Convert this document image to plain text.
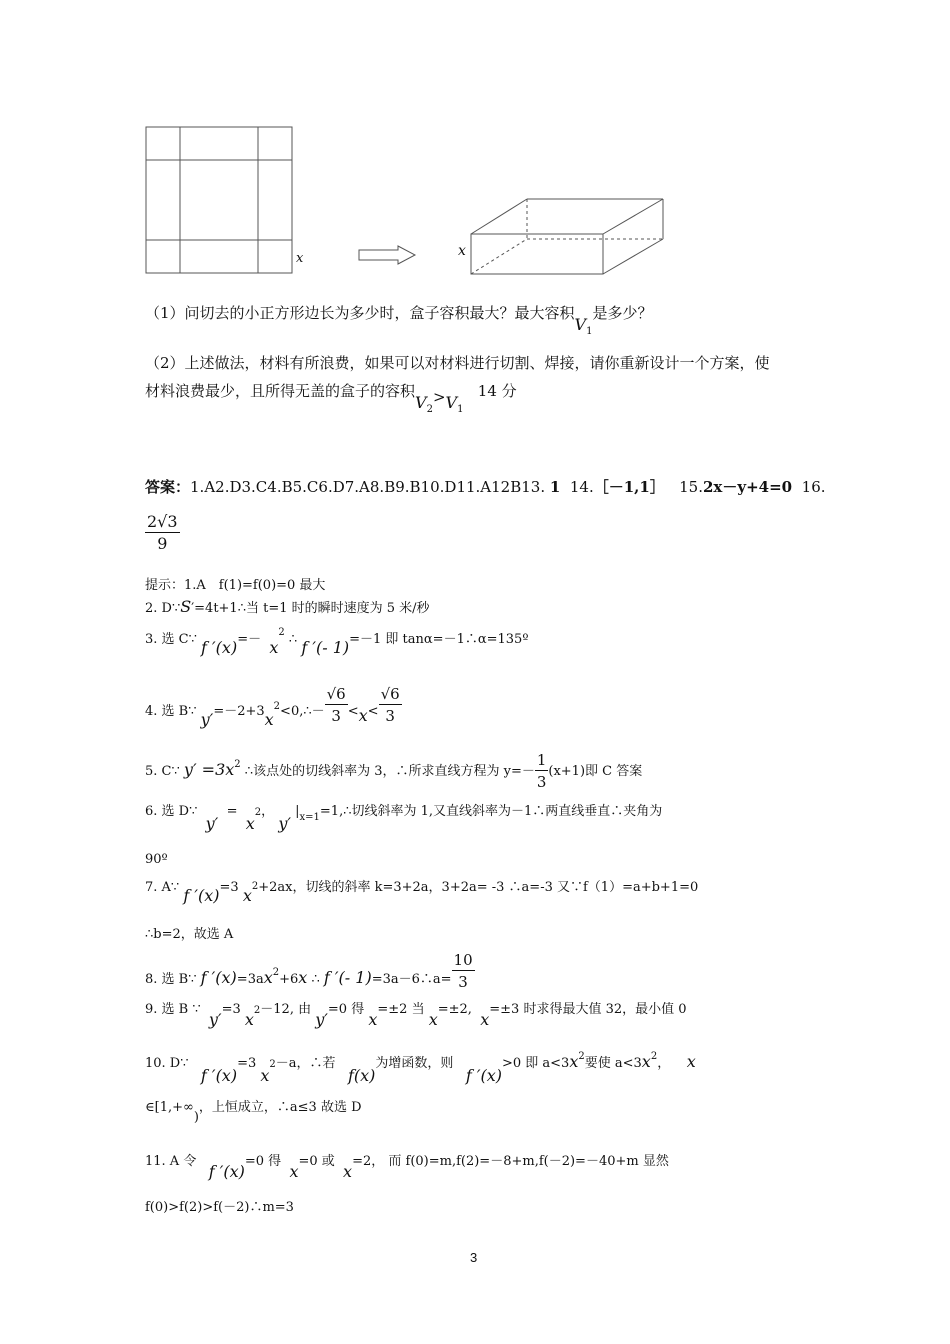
x	x
（1）问切去的小正方形边长为多少时，盒子容积最大？最大容积$V_1$是多少？
（2）上述做法，材料有所浪费，如果可以对材料进行切割、焊接，请你重新设计一个方案，使
材料浪费最少，且所得无盖的盒子的容积$V_2>V_1$   14 分
答案：1.A2.D3.C4.B5.C6.D7.A8.B9.B10.D11.A12B13. 1 14.［－1,1］ 15.2x－y+4=0 16.
$\frac{2√3}{9}$
提示：1.A　f(1)=f(0)=0 最大
2. D∵S′=4t+1∴当 t=1 时的瞬时速度为 5 米/秒
3. 选 C∵ f $'(x)=- x^2$ ∴ f ′(- 1)=－1 即 tanα=－1∴α=135º
4. 选 B∵ y′=－2+3x2<0,∴－ $\frac{√6}{3} <x< \frac{√6}{3}$
5. C∵ $y' =3x^2$ ∴该点处的切线斜率为 3，∴所求直线方程为 $y=- \frac{1}{3} (x+1)$即 C 答案
6. 选 D∵  y′  =  x2， y′ $|_{x=1}=1,\therefore$切线斜率为 1,又直线斜率为－1∴两直线垂直∴夹角为
90º
7. A∵ f ′(x)=3 x2+2ax，切线的斜率 k=3+2a，3+2a= -3 ∴a=-3 又∵f（1）=a+b+1=0
∴b=2，故选 A
8. 选 B∵ f $'(x)=3ax^2+6x$ ∴ f ′(- 1)=3a－6∴a= $\frac{10}{3}$
9. 选 B ∵  y′=3 x2－12, 由 y′=0 得 x=±2 当 x=±2,  x=±3 时求得最大值 32，最小值 0
10. D∵   f ′(x)=3 x2－a，∴若   f(x)为增函数，则   f ′(x)>0 即 $a<3x^2$要使 $a<3x^2$， x
∈[1,+∞)，上恒成立，∴a≤3 故选 D
11. A 令   f ′(x)=0 得  x=0 或  x=2， 而 f(0)=m,f(2)=－8+m,f(－2)=－40+m 显然
f(0)>f(2)>f(－2)∴m=3
3
